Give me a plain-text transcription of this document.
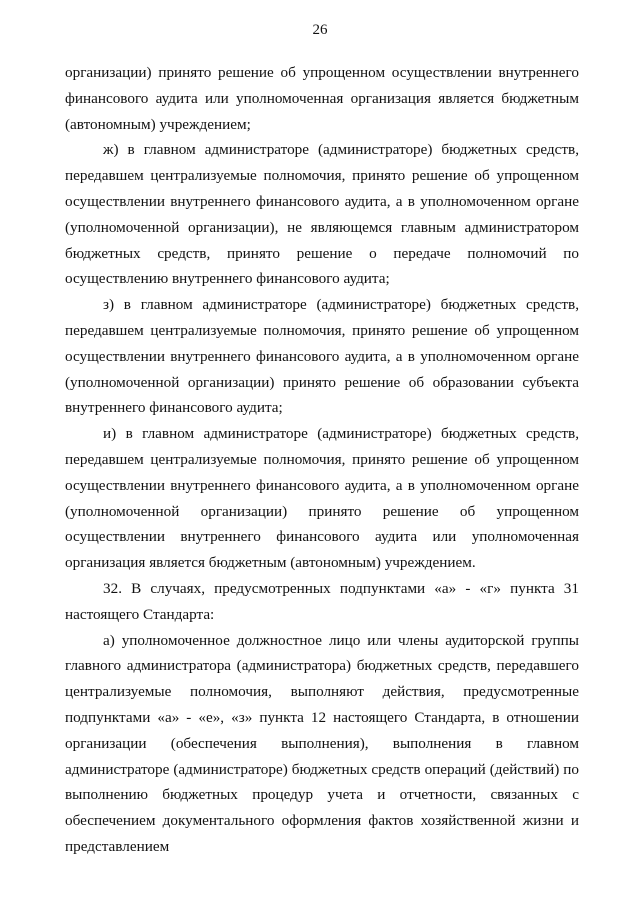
26

организации) принято решение об упрощенном осуществлении внутреннего финансового аудита или уполномоченная организация является бюджетным (автономным) учреждением;

ж) в главном администраторе (администраторе) бюджетных средств, передавшем централизуемые полномочия, принято решение об упрощенном осуществлении внутреннего финансового аудита, а в уполномоченном органе (уполномоченной организации), не являющемся главным администратором бюджетных средств, принято решение о передаче полномочий по осуществлению внутреннего финансового аудита;

з) в главном администраторе (администраторе) бюджетных средств, передавшем централизуемые полномочия, принято решение об упрощенном осуществлении внутреннего финансового аудита, а в уполномоченном органе (уполномоченной организации) принято решение об образовании субъекта внутреннего финансового аудита;

и) в главном администраторе (администраторе) бюджетных средств, передавшем централизуемые полномочия, принято решение об упрощенном осуществлении внутреннего финансового аудита, а в уполномоченном органе (уполномоченной организации) принято решение об упрощенном осуществлении внутреннего финансового аудита или уполномоченная организация является бюджетным (автономным) учреждением.

32. В случаях, предусмотренных подпунктами «а» - «г» пункта 31 настоящего Стандарта:

а) уполномоченное должностное лицо или члены аудиторской группы главного администратора (администратора) бюджетных средств, передавшего централизуемые полномочия, выполняют действия, предусмотренные подпунктами «а» - «е», «з» пункта 12 настоящего Стандарта, в отношении организации (обеспечения выполнения), выполнения в главном администраторе (администраторе) бюджетных средств операций (действий) по выполнению бюджетных процедур учета и отчетности, связанных с обеспечением документального оформления фактов хозяйственной жизни и представлением
